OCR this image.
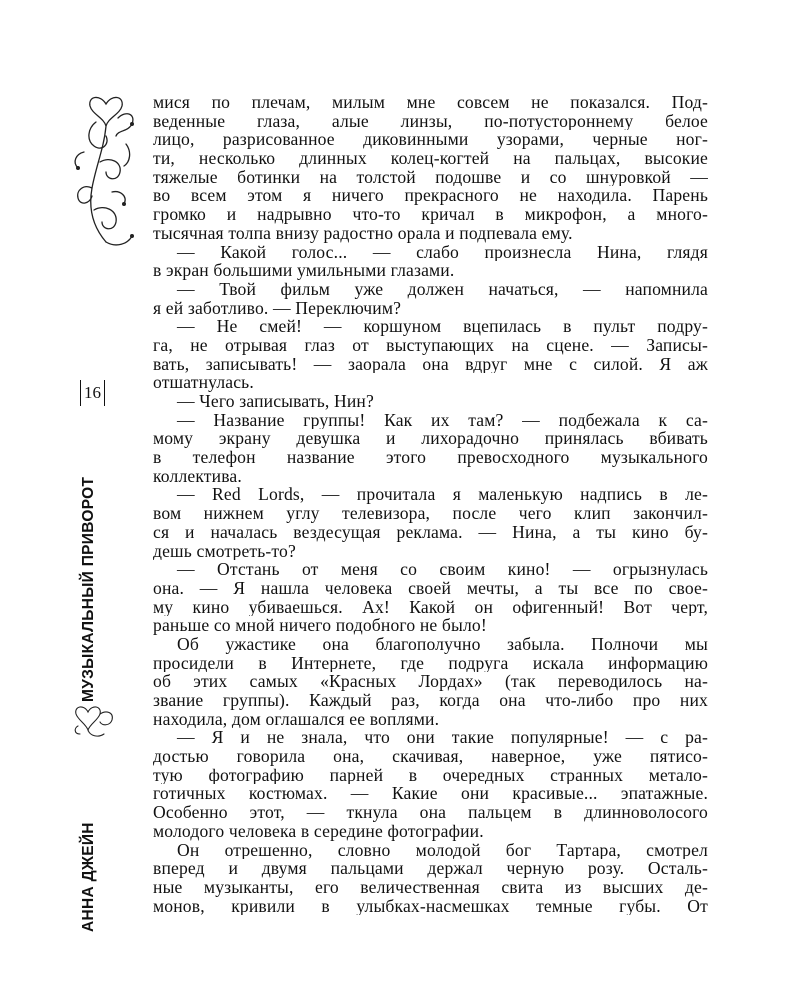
16
АННА ДЖЕЙН
МУЗЫКАЛЬНЫЙ ПРИВОРОТ
мися по плечам, милым мне совсем не показался. Под-
веденные глаза, алые линзы, по-потустороннему белое
лицо, разрисованное диковинными узорами, черные ног-
ти, несколько длинных колец-когтей на пальцах, высокие
тяжелые ботинки на толстой подошве и со шнуровкой —
во всем этом я ничего прекрасного не находила. Парень
громко и надрывно что-то кричал в микрофон, а много-
тысячная толпа внизу радостно орала и подпевала ему.
— Какой голос... — слабо произнесла Нина, глядя
в экран большими умильными глазами.
— Твой фильм уже должен начаться, — напомнила
я ей заботливо. — Переключим?
— Не смей! — коршуном вцепилась в пульт подру-
га, не отрывая глаз от выступающих на сцене. — Записы-
вать, записывать! — заорала она вдруг мне с силой. Я аж
отшатнулась.
— Чего записывать, Нин?
— Название группы! Как их там? — подбежала к са-
мому экрану девушка и лихорадочно принялась вбивать
в телефон название этого превосходного музыкального
коллектива.
— Red Lords, — прочитала я маленькую надпись в ле-
вом нижнем углу телевизора, после чего клип закончил-
ся и началась вездесущая реклама. — Нина, а ты кино бу-
дешь смотреть-то?
— Отстань от меня со своим кино! — огрызнулась
она. — Я нашла человека своей мечты, а ты все по свое-
му кино убиваешься. Ах! Какой он офигенный! Вот черт,
раньше со мной ничего подобного не было!
Об ужастике она благополучно забыла. Полночи мы
просидели в Интернете, где подруга искала информацию
об этих самых «Красных Лордах» (так переводилось на-
звание группы). Каждый раз, когда она что-либо про них
находила, дом оглашался ее воплями.
— Я и не знала, что они такие популярные! — с ра-
достью говорила она, скачивая, наверное, уже пятисо-
тую фотографию парней в очередных странных метало-
готичных костюмах. — Какие они красивые... эпатажные.
Особенно этот, — ткнула она пальцем в длинноволосого
молодого человека в середине фотографии.
Он отрешенно, словно молодой бог Тартара, смотрел
вперед и двумя пальцами держал черную розу. Осталь-
ные музыканты, его величественная свита из высших де-
монов, кривили в улыбках-насмешках темные губы. От
